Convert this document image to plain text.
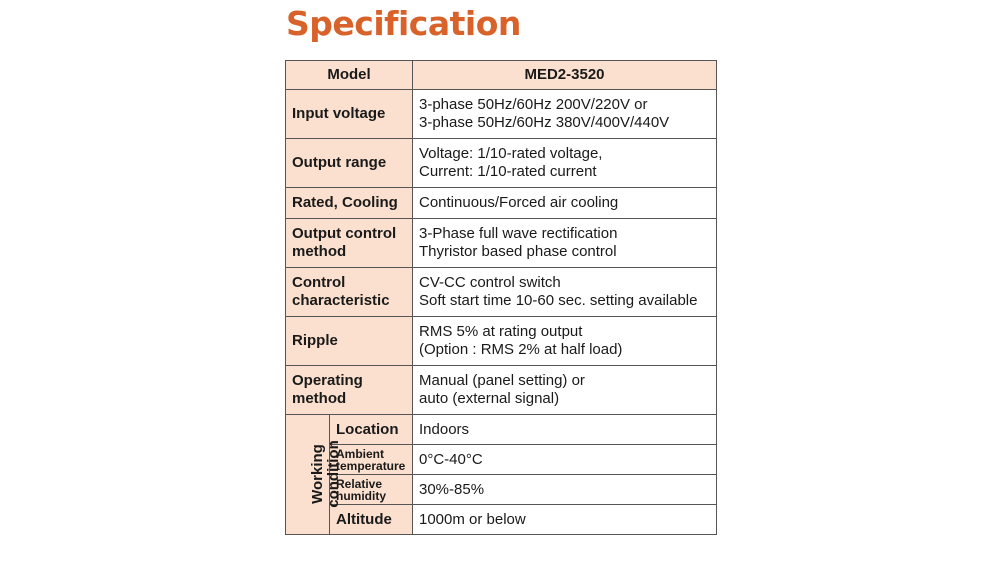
Specification
Model		MED2-3520

Input voltage		3-phase 50Hz/60Hz 200V/220V or
3-phase 50Hz/60Hz 380V/400V/440V

Output range		Voltage: 1/10-rated voltage,
Current: 1/10-rated current

Rated, Cooling		Continuous/Forced air cooling

Output control
method		3-Phase full wave rectification
Thyristor based phase control

Control
characteristic		CV-CC control switch
Soft start time 10-60 sec. setting available

Ripple		RMS 5% at rating output
(Option : RMS 2% at half load)

Operating
method		Manual (panel setting) or
auto (external signal)

Working condition	Location	Indoors

	Ambient
temperature	0°C-40°C

	Relative
humidity	30%-85%

	Altitude	1000m or below
